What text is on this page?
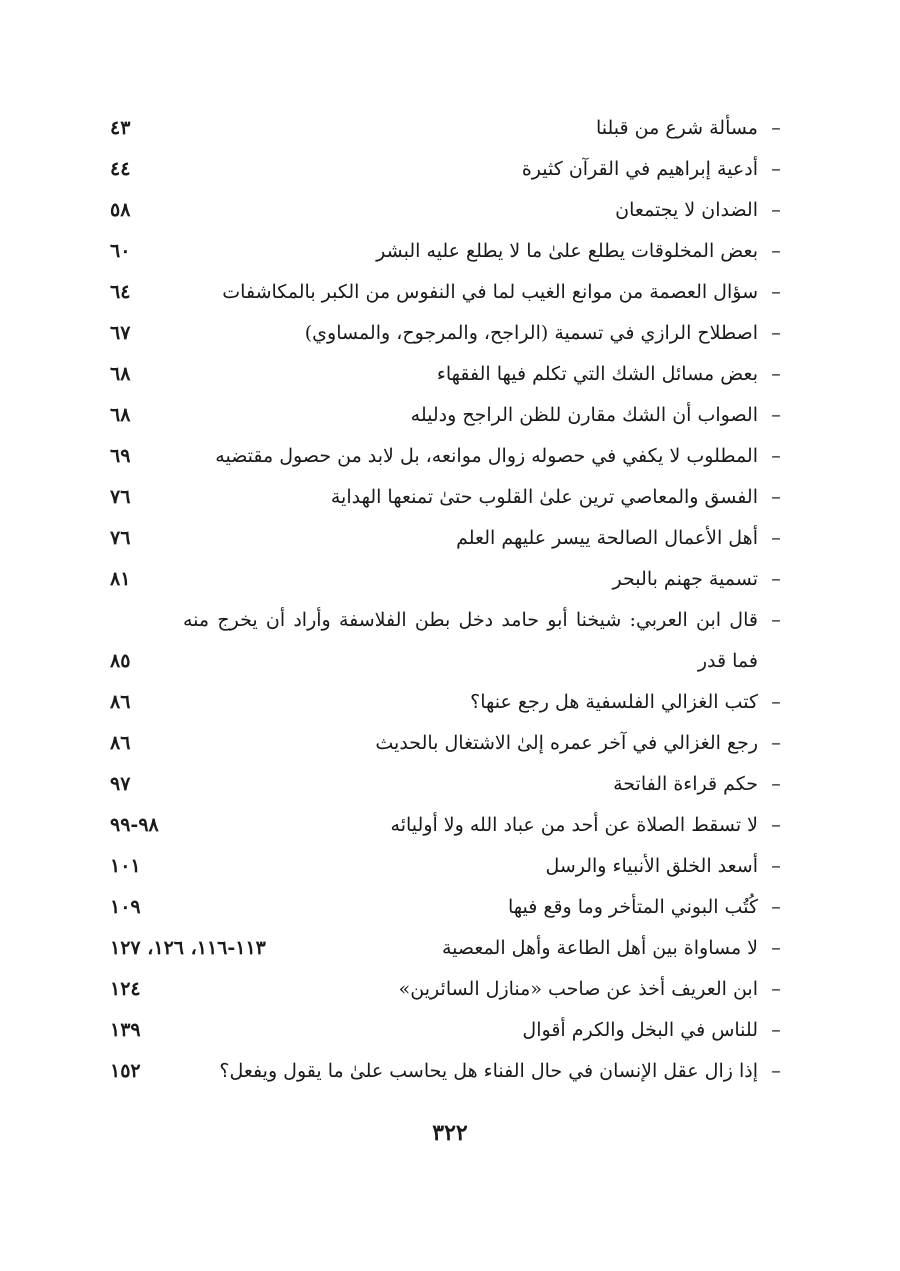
–
مسألة شرع من قبلنا
٤٣
–
أدعية إبراهيم في القرآن كثيرة
٤٤
–
الضدان لا يجتمعان
٥٨
–
بعض المخلوقات يطلع علىٰ ما لا يطلع عليه البشر
٦٠
–
سؤال العصمة من موانع الغيب لما في النفوس من الكبر بالمكاشفات
٦٤
–
اصطلاح الرازي في تسمية (الراجح، والمرجوح، والمساوي)
٦٧
–
بعض مسائل الشك التي تكلم فيها الفقهاء
٦٨
–
الصواب أن الشك مقارن للظن الراجح ودليله
٦٨
–
المطلوب لا يكفي في حصوله زوال موانعه، بل لابد من حصول مقتضيه
٦٩
–
الفسق والمعاصي ترين علىٰ القلوب حتىٰ تمنعها الهداية
٧٦
–
أهل الأعمال الصالحة ييسر عليهم العلم
٧٦
–
تسمية جهنم بالبحر
٨١
–
قال ابن العربي: شيخنا أبو حامد دخل بطن الفلاسفة وأراد أن يخرج منه فما قدر
٨٥
–
كتب الغزالي الفلسفية هل رجع عنها؟
٨٦
–
رجع الغزالي في آخر عمره إلىٰ الاشتغال بالحديث
٨٦
–
حكم قراءة الفاتحة
٩٧
–
لا تسقط الصلاة عن أحد من عباد الله ولا أوليائه
٩٨-٩٩
–
أسعد الخلق الأنبياء والرسل
١٠١
–
كُتُب البوني المتأخر وما وقع فيها
١٠٩
–
لا مساواة بين أهل الطاعة وأهل المعصية
١١٣-١١٦، ١٢٦، ١٢٧
–
ابن العريف أخذ عن صاحب «منازل السائرين»
١٢٤
–
للناس في البخل والكرم أقوال
١٣٩
–
إذا زال عقل الإنسان في حال الفناء هل يحاسب علىٰ ما يقول ويفعل؟
١٥٢
٣٢٢
